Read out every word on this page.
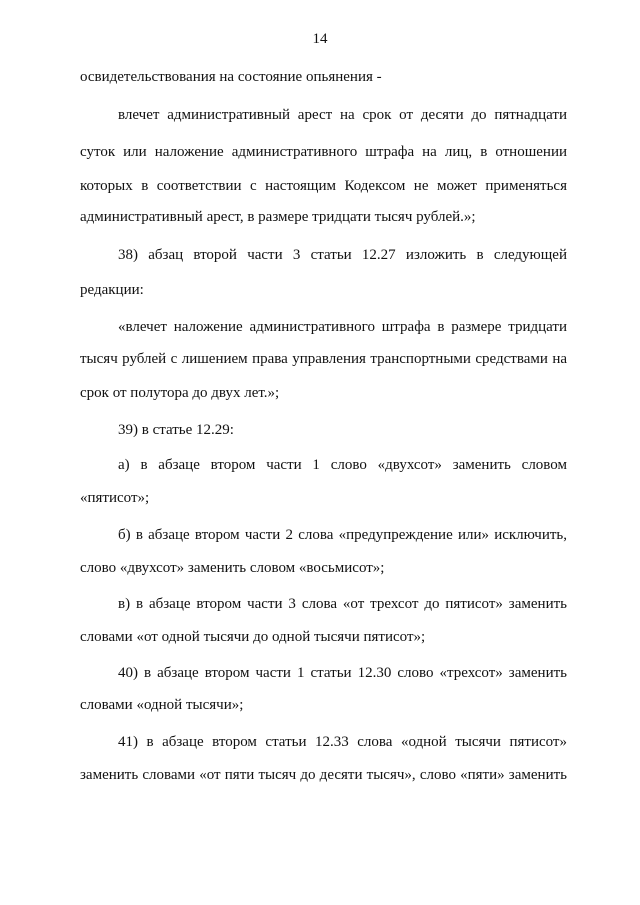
14
освидетельствования на состояние опьянения -
влечет административный арест на срок от десяти до пятнадцати
суток или наложение административного штрафа на лиц, в отношении
которых в соответствии с настоящим Кодексом не может применяться
административный арест, в размере тридцати тысяч рублей.»;
38) абзац второй части 3 статьи 12.27 изложить в следующей
редакции:
«влечет наложение административного штрафа в размере тридцати
тысяч рублей с лишением права управления транспортными средствами на
срок от полутора до двух лет.»;
39) в статье 12.29:
а) в абзаце втором части 1 слово «двухсот» заменить словом
«пятисот»;
б) в абзаце втором части 2 слова «предупреждение или» исключить,
слово «двухсот» заменить словом «восьмисот»;
в) в абзаце втором части 3 слова «от трехсот до пятисот» заменить
словами «от одной тысячи до одной тысячи пятисот»;
40) в абзаце втором части 1 статьи 12.30 слово «трехсот» заменить
словами «одной тысячи»;
41) в абзаце втором статьи 12.33 слова «одной тысячи пятисот»
заменить словами «от пяти тысяч до десяти тысяч», слово «пяти» заменить
